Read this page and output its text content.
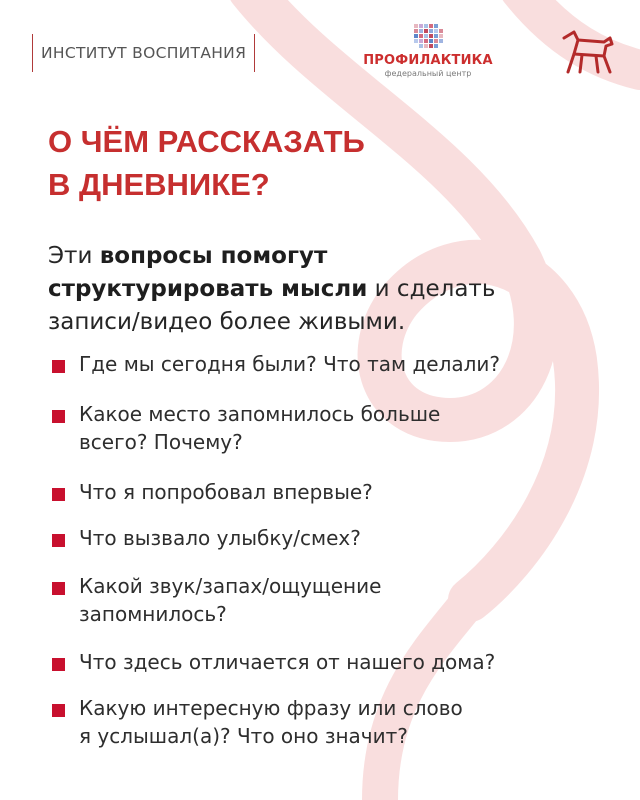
ИНСТИТУТ ВОСПИТАНИЯ	ПРОФИЛАКТИКА
федеральный центр
О ЧЁМ РАССКАЗАТЬ
В ДНЕВНИКЕ?

Эти вопросы помогут
структурировать мысли и сделать
записи/видео более живыми.

Где мы сегодня были? Что там делали?
Какое место запомнилось больше
всего? Почему?
Что я попробовал впервые?
Что вызвало улыбку/смех?
Какой звук/запах/ощущение
запомнилось?
Что здесь отличается от нашего дома?
Какую интересную фразу или слово
я услышал(а)? Что оно значит?
